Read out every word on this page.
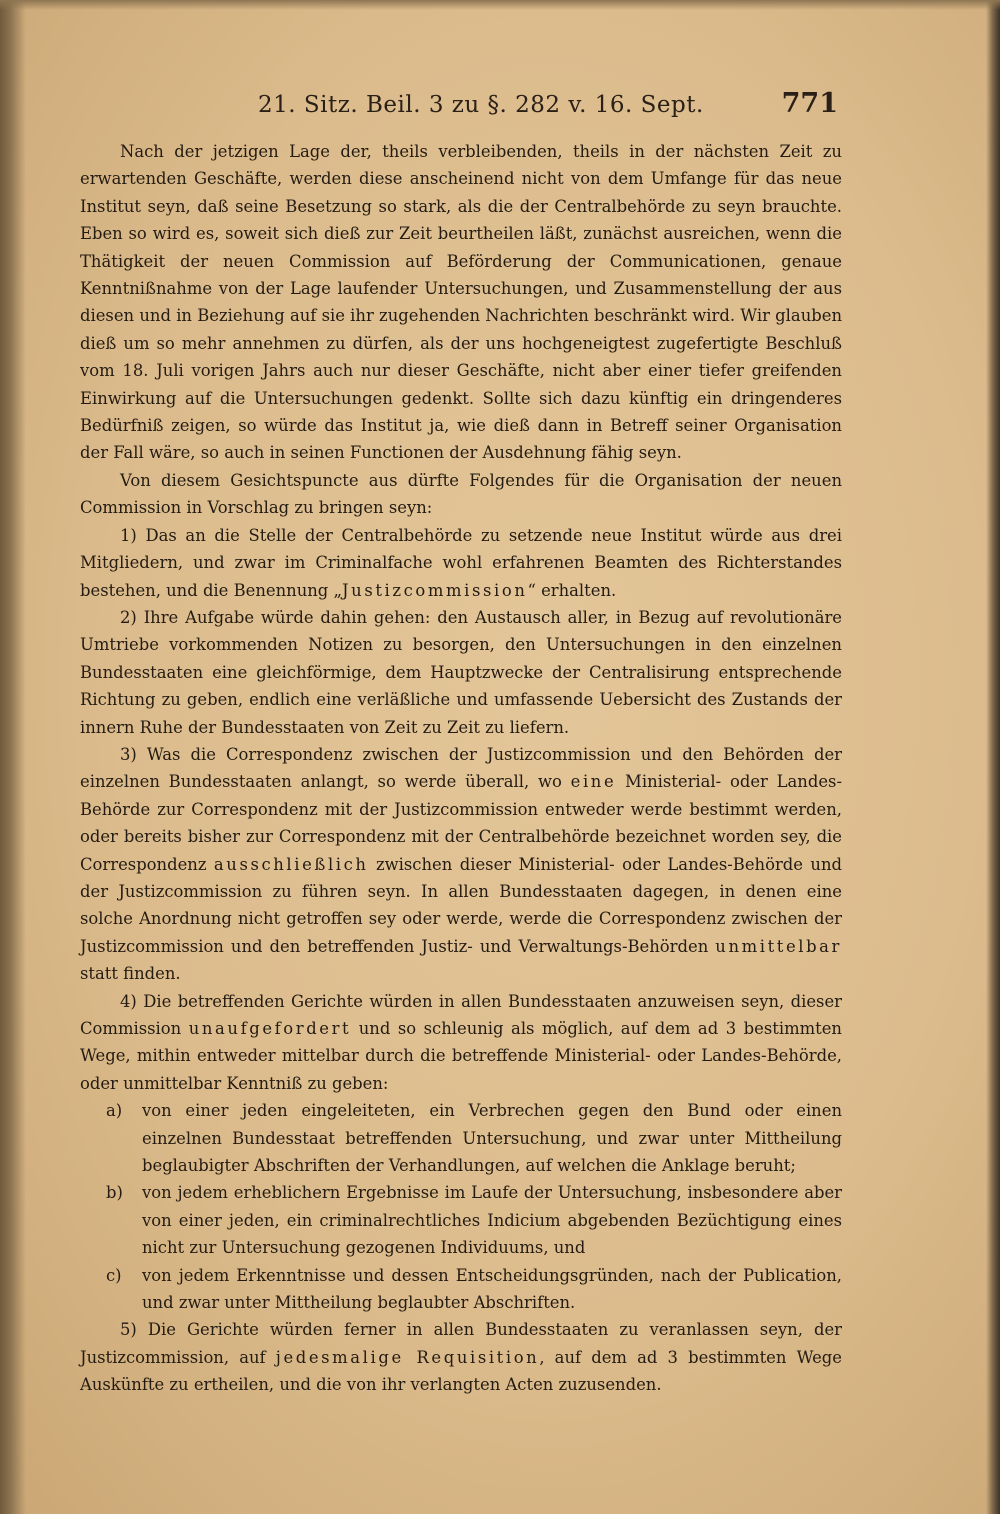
21. Sitz. Beil. 3 zu §. 282 v. 16. Sept.	771

Nach der jetzigen Lage der, theils verbleibenden, theils in der nächsten Zeit zu erwartenden Geschäfte, werden diese anscheinend nicht von dem Umfange für das neue Institut seyn, daß seine Besetzung so stark, als die der Centralbehörde zu seyn brauchte. Eben so wird es, soweit sich dieß zur Zeit beurtheilen läßt, zunächst ausreichen, wenn die Thätigkeit der neuen Commission auf Beförderung der Communicationen, genaue Kenntnißnahme von der Lage laufender Untersuchungen, und Zusammenstellung der aus diesen und in Beziehung auf sie ihr zugehenden Nachrichten beschränkt wird. Wir glauben dieß um so mehr annehmen zu dürfen, als der uns hochgeneigtest zugefertigte Beschluß vom 18. Juli vorigen Jahrs auch nur dieser Geschäfte, nicht aber einer tiefer greifenden Einwirkung auf die Untersuchungen gedenkt. Sollte sich dazu künftig ein dringenderes Bedürfniß zeigen, so würde das Institut ja, wie dieß dann in Betreff seiner Organisation der Fall wäre, so auch in seinen Functionen der Ausdehnung fähig seyn.

Von diesem Gesichtspuncte aus dürfte Folgendes für die Organisation der neuen Commission in Vorschlag zu bringen seyn:

1) Das an die Stelle der Centralbehörde zu setzende neue Institut würde aus drei Mitgliedern, und zwar im Criminalfache wohl erfahrenen Beamten des Richterstandes bestehen, und die Benennung „Justizcommission“ erhalten.

2) Ihre Aufgabe würde dahin gehen: den Austausch aller, in Bezug auf revolutionäre Umtriebe vorkommenden Notizen zu besorgen, den Untersuchungen in den einzelnen Bundesstaaten eine gleichförmige, dem Hauptzwecke der Centralisirung entsprechende Richtung zu geben, endlich eine verläßliche und umfassende Uebersicht des Zustands der innern Ruhe der Bundesstaaten von Zeit zu Zeit zu liefern.

3) Was die Correspondenz zwischen der Justizcommission und den Behörden der einzelnen Bundesstaaten anlangt, so werde überall, wo eine Ministerial- oder Landes-Behörde zur Correspondenz mit der Justizcommission entweder werde bestimmt werden, oder bereits bisher zur Correspondenz mit der Centralbehörde bezeichnet worden sey, die Correspondenz ausschließlich zwischen dieser Ministerial- oder Landes-Behörde und der Justizcommission zu führen seyn. In allen Bundesstaaten dagegen, in denen eine solche Anordnung nicht getroffen sey oder werde, werde die Correspondenz zwischen der Justizcommission und den betreffenden Justiz- und Verwaltungs-Behörden unmittelbar statt finden.

4) Die betreffenden Gerichte würden in allen Bundesstaaten anzuweisen seyn, dieser Commission unaufgefordert und so schleunig als möglich, auf dem ad 3 bestimmten Wege, mithin entweder mittelbar durch die betreffende Ministerial- oder Landes-Behörde, oder unmittelbar Kenntniß zu geben:

a) von einer jeden eingeleiteten, ein Verbrechen gegen den Bund oder einen einzelnen Bundesstaat betreffenden Untersuchung, und zwar unter Mittheilung beglaubigter Abschriften der Verhandlungen, auf welchen die Anklage beruht;
b) von jedem erheblichern Ergebnisse im Laufe der Untersuchung, insbesondere aber von einer jeden, ein criminalrechtliches Indicium abgebenden Bezüchtigung eines nicht zur Untersuchung gezogenen Individuums, und
c) von jedem Erkenntnisse und dessen Entscheidungsgründen, nach der Publication, und zwar unter Mittheilung beglaubter Abschriften.

5) Die Gerichte würden ferner in allen Bundesstaaten zu veranlassen seyn, der Justizcommission, auf jedesmalige Requisition, auf dem ad 3 bestimmten Wege Auskünfte zu ertheilen, und die von ihr verlangten Acten zuzusenden.
